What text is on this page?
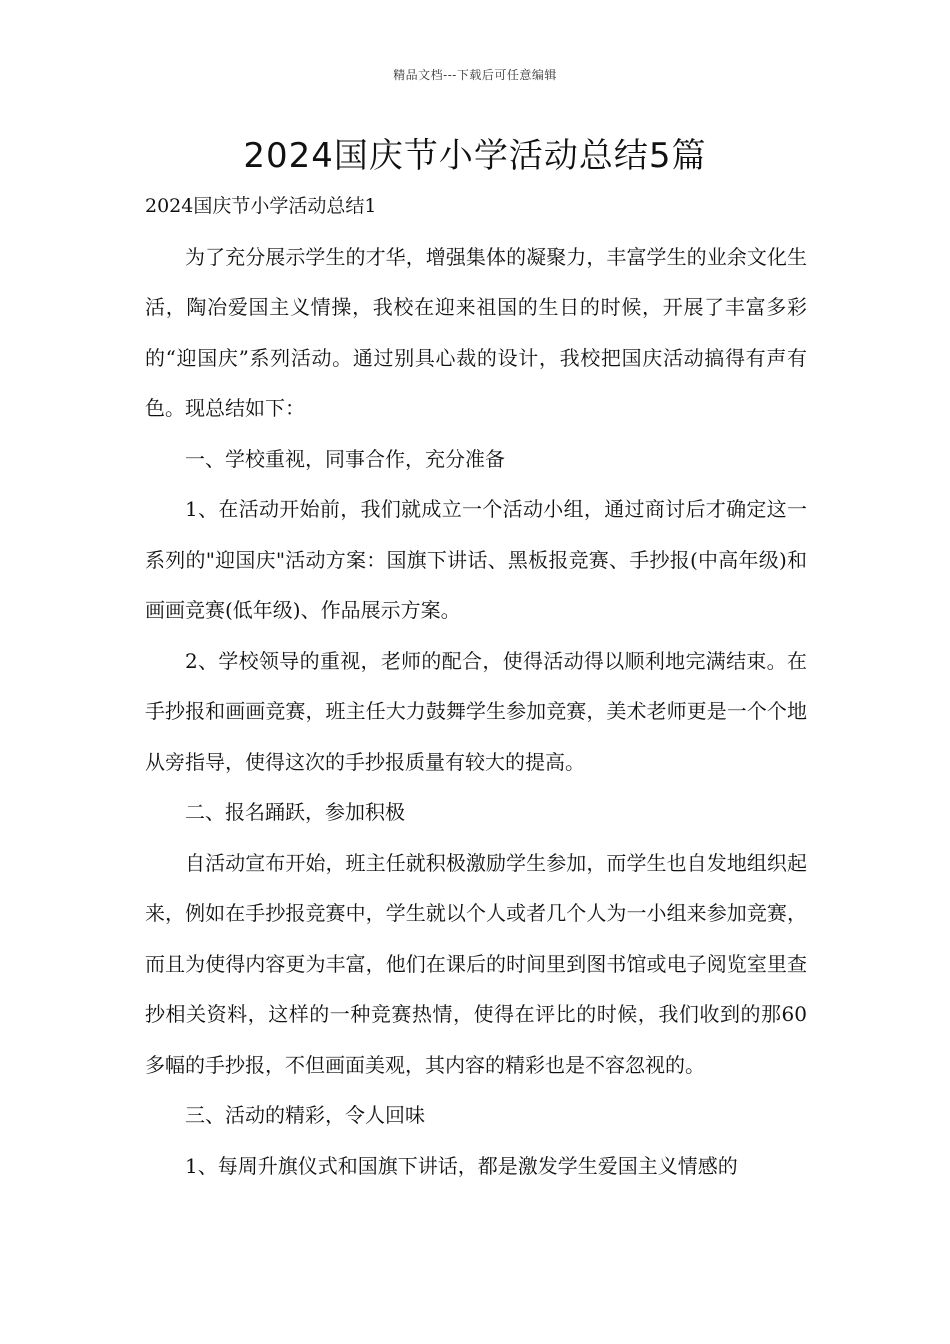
精品文档---下载后可任意编辑
2024国庆节小学活动总结5篇

2024国庆节小学活动总结1

为了充分展示学生的才华，增强集体的凝聚力，丰富学生的业余文化生活，陶冶爱国主义情操，我校在迎来祖国的生日的时候，开展了丰富多彩的“迎国庆”系列活动。通过别具心裁的设计，我校把国庆活动搞得有声有色。现总结如下：

一、学校重视，同事合作，充分准备

1、在活动开始前，我们就成立一个活动小组，通过商讨后才确定这一系列的"迎国庆"活动方案：国旗下讲话、黑板报竞赛、手抄报(中高年级)和画画竞赛(低年级)、作品展示方案。

2、学校领导的重视，老师的配合，使得活动得以顺利地完满结束。在手抄报和画画竞赛，班主任大力鼓舞学生参加竞赛，美术老师更是一个个地从旁指导，使得这次的手抄报质量有较大的提高。

二、报名踊跃，参加积极

自活动宣布开始，班主任就积极激励学生参加，而学生也自发地组织起来，例如在手抄报竞赛中，学生就以个人或者几个人为一小组来参加竞赛，而且为使得内容更为丰富，他们在课后的时间里到图书馆或电子阅览室里查抄相关资料，这样的一种竞赛热情，使得在评比的时候，我们收到的那60多幅的手抄报，不但画面美观，其内容的精彩也是不容忽视的。

三、活动的精彩，令人回味

1、每周升旗仪式和国旗下讲话，都是激发学生爱国主义情感的
